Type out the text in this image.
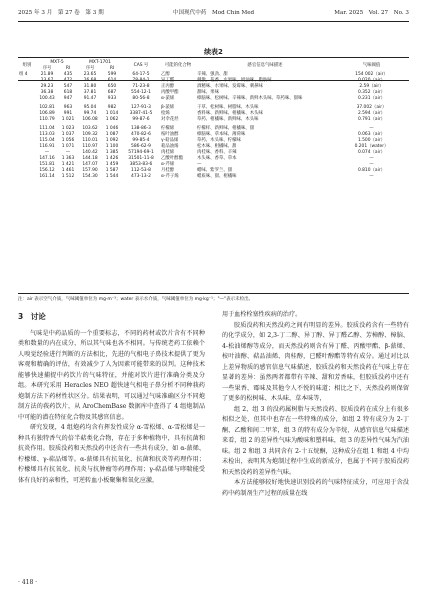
2025 年 3 月　第 27 卷　第 3 期	中国现代中药　Mod Chin Med	Mar. 2025　Vol. 27　No. 3
续表2
组别	MXT-5		MXT-1701		CAS 号	可能的化合物	感官信息气味描述	气味阈值
	序号	RI	序号	RI				
组 4	21.89	435	23.65	599	64-17-5	乙醇	辛辣、强劲、甜	154 002（air）
	23.67	472	26.68	614	78-84-2	异丁醛	刺激、花香、水果味、奶油味、脂肪味	0.020（air）
	29.23	547	31.80	650	71-23-8	正丙醇	酒精味、水果味、发霉味、刺鼻味	2.59（air）
	36.38	618	37.81	687	554-12-1	丙酸甲酯	甜味、果味	0.352（air）
	100.43	947	91.47	933	80-56-8	α-蒎烯	樟脑味、松树味、辛辣味、新鲜木头味、草药味、甜味	0.231（air）
	102.81	963	95.04	982	127-91-3	β-蒎烯	干草、松树味、树脂味、木头味	37.002（air）
	106.89	991	99.74	1 014	3387-41-5	桧烯	香料味、新鲜味、柑橘味、木头味	2.594（air）
	110.79	1 021	106.08	1 062	99-87-6	对伞花烃	草药、柑橘味、新鲜味、木头味	0.791（air）
	111.04	1 023	103.62	1 046	138-86-3	柠檬烯	柠檬样、新鲜味、柑橘味、甜	—
	113.03	1 037	109.32	1 087	470-82-6	桉叶油醇	樟脑味、草本味、薄荷味	0.063（air）
	115.04	1 056	110.01	1 092	99-85-4	γ-萜品烯	草药、木头味、柠檬味	1.500（air）
	116.91	1 071	110.97	1 100	586-62-9	萜品油烯	松木味、柑橘味、甜	0.201（water）
	—	—	140.42	1 385	57194-69-1	肉桂烯	肉桂味、香料、辛辣	0.074（air）
	147.16	1 363	144.18	1 426	31501-11-8	乙酸叶醇酯	木头味、香草、草本	—
	151.81	1 421	147.07	1 459	3853-83-6	α-芹烯	—	—
	156.12	1 461	157.90	1 587	112-53-8	月桂醇	蜡味、紫罗兰、甜	0.810（air）
	161.14	1 512	154.30	1 544	473-13-2	α-芹子烯	蜡质味、甜、柑橘味	—
注：air 表示空气介质，气味阈值单位为 mg·m⁻³；water 表示水介质，气味阈值单位为 mg·kg⁻¹；"—"表示未检出。
3　讨论

气味是中药品质的一个重要标志，不同的药材或饮片含有不同种类和数量的内在成分，所以其气味也各不相同。与传统老药工依赖个人嗅觉经验进行判断的方法相比，先进的气相电子鼻技术提供了更为客观和精确的评估，有效减少了人为因素可能带来的误判。这种技术能够快速捕捉中药饮片的气味特征，并能对饮片进行准确分类及分组。本研究采用 Heracles NEO 超快速气相电子鼻分析不同种莪药炮制方法下药材性状区分。结果表明，可以通过气味准确区分不同炮制方法的莪药饮片，从 AroChemBase 数据库中查得了 4 组炮制品中可能的潜在特征化合物及其感官信息。

研究发现，4 组炮药均含有挥发性成分 α-雪松烯、α-雪松烯是一种具有独特香气的倍半萜类化合物，存在于多种植物中，具有抗菌和抗炎作用。胶质没药和天然没药中还含有一些共有成分，如 α-蒎烯、柠檬烯、γ-萜品烯等。α-蒎烯具有抗氧化、抗菌和抗炎等药理作用；柠檬烯具有抗氧化、抗炎与抗肿瘤等药理作用；γ-萜品烯与哮喘能受体有良好的亲和性，可逆转血小板聚集和氧化应激，

用于血栓栓塞性疾病的治疗。

胶质没药和天然没药之间有明显的差异。胶质没药含有一些特有的化学成分，如 2,3-丁二醇、异丁醇、异丁醛乙醇、芳樟醇、樟脑、4-松油烯醇等成分，而天然没药则含有异丁醛、丙酸甲酯、β-蒎烯、桉叶油醇、萜品油烯、肉桂醇，已醛叶醇酯等特有成分。通过对比以上差异物质的感官信息气味描述，胶质没药和天然没药在气味上存在显著的差异：虽然两者都带有辛辣、甜和芳香味，但胶质没药中还有一些果香、霉味及其他令人不悦的味道；相比之下，天然没药则保留了更多的松树味、木头味、草本味等，

组 2、组 3 的没药属树脂与天然没药、胶质没药在成分上有很多相似之处，但其中也存在一些特殊的成分，如组 2 特有成分为 2-丁酮、乙酸和间二甲苯，组 3 的特有成分为辛烷，从感官信息气味描述来看，组 2 的差异性气味为酸味和塑料味，组 3 的差异性气味为汽油味。组 2 和组 3 共同含有 2-十五烷酮，这种成分在组 1 和组 4 中均未检出，表明其为炮制过程中生成的新成分，也属于不同于胶质没药和天然没药的差异性气味。

本方法能够较好地快速识别没药的气味特征成分，可应用于含没药中药制剂生产过程的质量在线

· 418 ·
